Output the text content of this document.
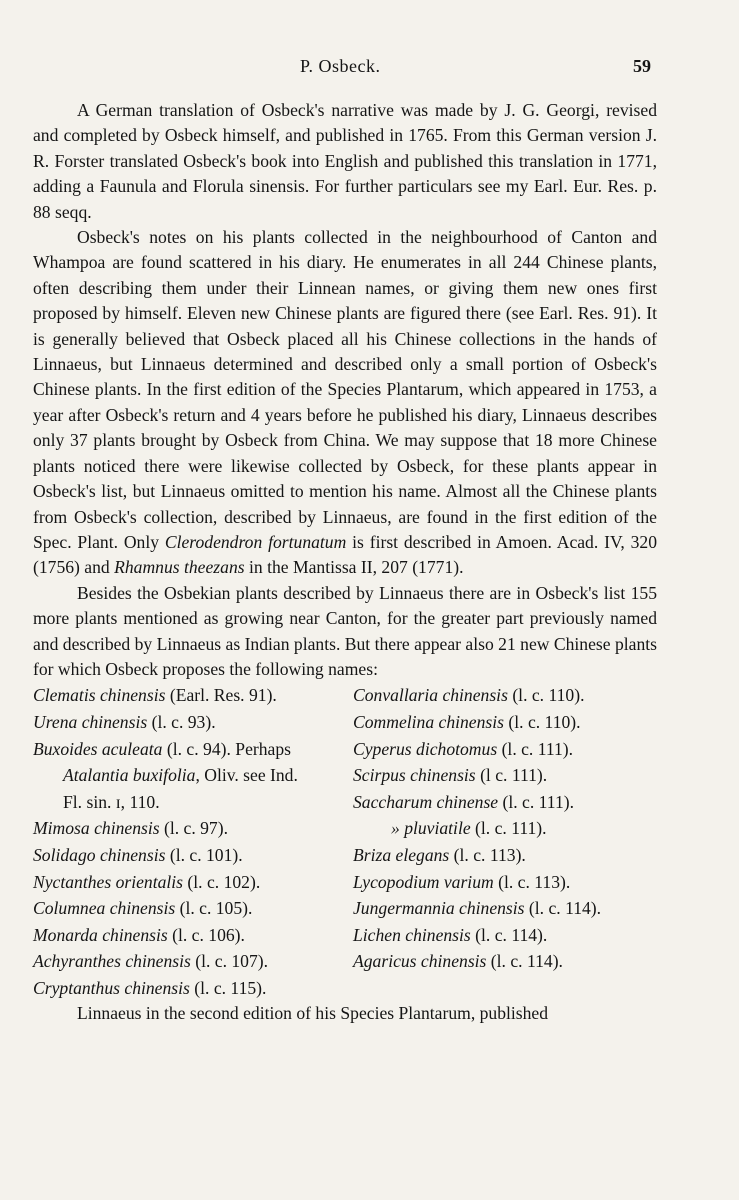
P. Osbeck.	59

A German translation of Osbeck's narrative was made by J. G. Georgi, revised and completed by Osbeck himself, and published in 1765. From this German version J. R. Forster translated Osbeck's book into English and published this translation in 1771, adding a Faunula and Florula sinensis. For further particulars see my Earl. Eur. Res. p. 88 seqq.

Osbeck's notes on his plants collected in the neighbourhood of Canton and Whampoa are found scattered in his diary. He enumerates in all 244 Chinese plants, often describing them under their Linnean names, or giving them new ones first proposed by himself. Eleven new Chinese plants are figured there (see Earl. Res. 91). It is generally believed that Osbeck placed all his Chinese collections in the hands of Linnaeus, but Linnaeus determined and described only a small portion of Osbeck's Chinese plants. In the first edition of the Species Plantarum, which appeared in 1753, a year after Osbeck's return and 4 years before he published his diary, Linnaeus describes only 37 plants brought by Osbeck from China. We may suppose that 18 more Chinese plants noticed there were likewise collected by Osbeck, for these plants appear in Osbeck's list, but Linnaeus omitted to mention his name. Almost all the Chinese plants from Osbeck's collection, described by Linnaeus, are found in the first edition of the Spec. Plant. Only Clerodendron fortunatum is first described in Amoen. Acad. IV, 320 (1756) and Rhamnus theezans in the Mantissa II, 207 (1771).

Besides the Osbekian plants described by Linnaeus there are in Osbeck's list 155 more plants mentioned as growing near Canton, for the greater part previously named and described by Linnaeus as Indian plants. But there appear also 21 new Chinese plants for which Osbeck proposes the following names:

Clematis chinensis (Earl. Res. 91).
Urena chinensis (l. c. 93).
Buxoides aculeata (l. c. 94). Perhaps
Atalantia buxifolia, Oliv. see Ind.
Fl. sin. ɪ, 110.
Mimosa chinensis (l. c. 97).
Solidago chinensis (l. c. 101).
Nyctanthes orientalis (l. c. 102).
Columnea chinensis (l. c. 105).
Monarda chinensis (l. c. 106).
Achyranthes chinensis (l. c. 107).
Cryptanthus chinensis (l. c. 115).
Convallaria chinensis (l. c. 110).
Commelina chinensis (l. c. 110).
Cyperus dichotomus (l. c. 111).
Scirpus chinensis (l c. 111).
Saccharum chinense (l. c. 111).
» pluviatile (l. c. 111).
Briza elegans (l. c. 113).
Lycopodium varium (l. c. 113).
Jungermannia chinensis (l. c. 114).
Lichen chinensis (l. c. 114).
Agaricus chinensis (l. c. 114).

Linnaeus in the second edition of his Species Plantarum, published
